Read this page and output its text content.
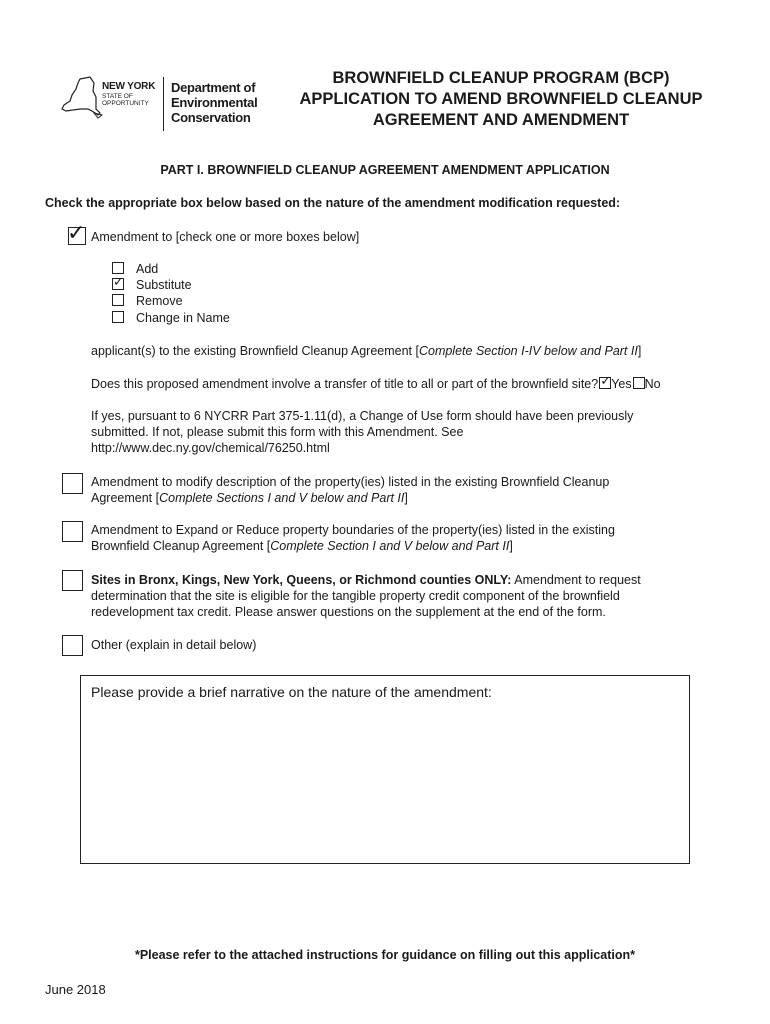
NEW YORK
STATE OF OPPORTUNITY
Department of
Environmental
Conservation
BROWNFIELD CLEANUP PROGRAM (BCP)
APPLICATION TO AMEND BROWNFIELD CLEANUP
AGREEMENT AND AMENDMENT
PART I. BROWNFIELD CLEANUP AGREEMENT AMENDMENT APPLICATION
Check the appropriate box below based on the nature of the amendment modification requested:
✓ Amendment to [check one or more boxes below]
Add
✓ Substitute
Remove
Change in Name
applicant(s) to the existing Brownfield Cleanup Agreement [Complete Section I-IV below and Part II]
Does this proposed amendment involve a transfer of title to all or part of the brownfield site? ✓ Yes No
If yes, pursuant to 6 NYCRR Part 375-1.11(d), a Change of Use form should have been previously
submitted. If not, please submit this form with this Amendment. See
http://www.dec.ny.gov/chemical/76250.html
Amendment to modify description of the property(ies) listed in the existing Brownfield Cleanup
Agreement [Complete Sections I and V below and Part II]
Amendment to Expand or Reduce property boundaries of the property(ies) listed in the existing
Brownfield Cleanup Agreement [Complete Section I and V below and Part II]
Sites in Bronx, Kings, New York, Queens, or Richmond counties ONLY: Amendment to request
determination that the site is eligible for the tangible property credit component of the brownfield
redevelopment tax credit. Please answer questions on the supplement at the end of the form.
Other (explain in detail below)
Please provide a brief narrative on the nature of the amendment:
*Please refer to the attached instructions for guidance on filling out this application*
June 2018
